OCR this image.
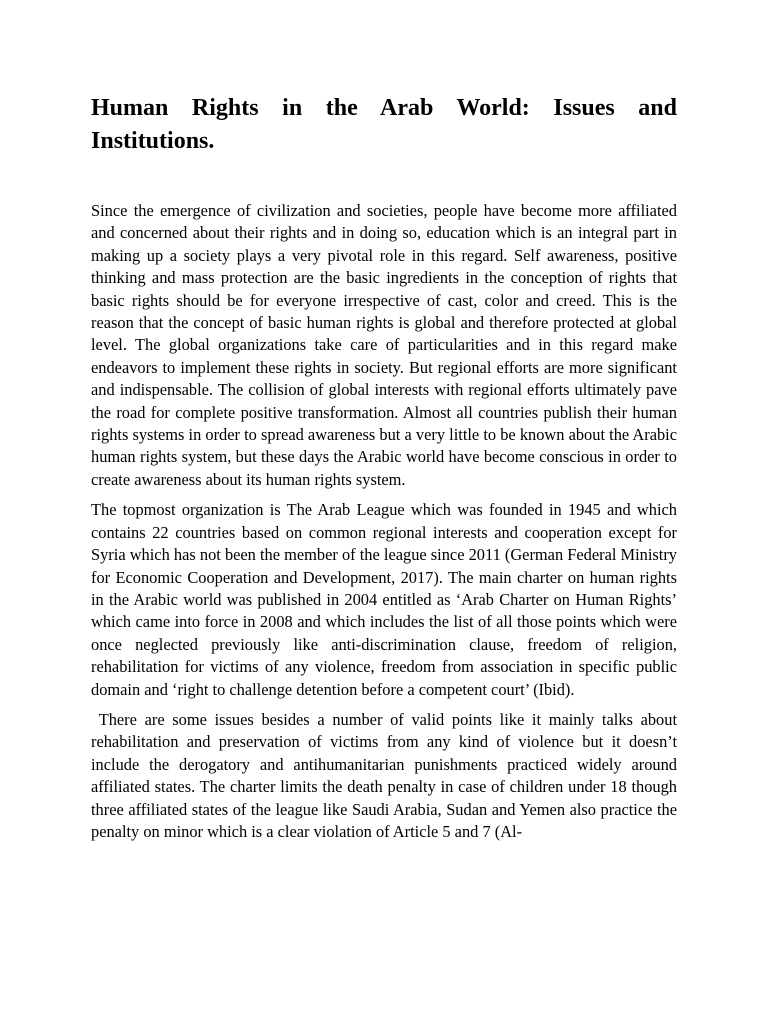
Human Rights in the Arab World: Issues and Institutions.

Since the emergence of civilization and societies, people have become more affiliated and concerned about their rights and in doing so, education which is an integral part in making up a society plays a very pivotal role in this regard. Self awareness, positive thinking and mass protection are the basic ingredients in the conception of rights that basic rights should be for everyone irrespective of cast, color and creed. This is the reason that the concept of basic human rights is global and therefore protected at global level. The global organizations take care of particularities and in this regard make endeavors to implement these rights in society. But regional efforts are more significant and indispensable. The collision of global interests with regional efforts ultimately pave the road for complete positive transformation. Almost all countries publish their human rights systems in order to spread awareness but a very little to be known about the Arabic human rights system, but these days the Arabic world have become conscious in order to create awareness about its human rights system.

The topmost organization is The Arab League which was founded in 1945 and which contains 22 countries based on common regional interests and cooperation except for Syria which has not been the member of the league since 2011 (German Federal Ministry for Economic Cooperation and Development, 2017). The main charter on human rights in the Arabic world was published in 2004 entitled as ‘Arab Charter on Human Rights’ which came into force in 2008 and which includes the list of all those points which were once neglected previously like anti-discrimination clause, freedom of religion, rehabilitation for victims of any violence, freedom from association in specific public domain and ‘right to challenge detention before a competent court’ (Ibid).

There are some issues besides a number of valid points like it mainly talks about rehabilitation and preservation of victims from any kind of violence but it doesn’t include the derogatory and antihumanitarian punishments practiced widely around affiliated states. The charter limits the death penalty in case of children under 18 though three affiliated states of the league like Saudi Arabia, Sudan and Yemen also practice the penalty on minor which is a clear violation of Article 5 and 7 (Al-
